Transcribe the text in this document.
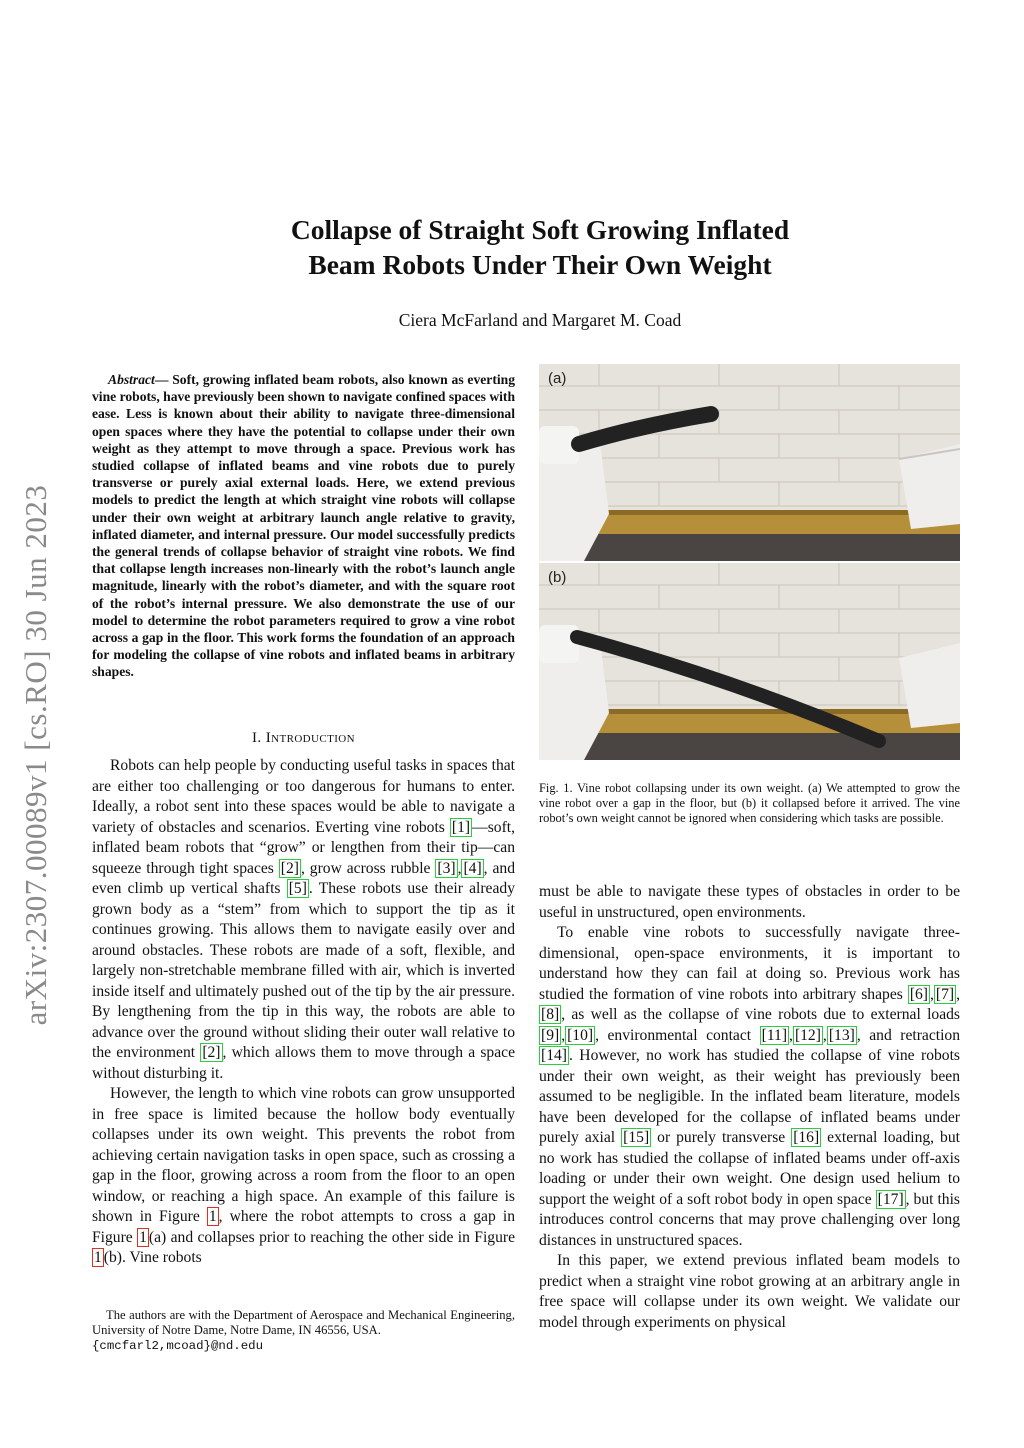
arXiv:2307.00089v1 [cs.RO] 30 Jun 2023
Collapse of Straight Soft Growing Inflated
Beam Robots Under Their Own Weight
Ciera McFarland and Margaret M. Coad
Abstract— Soft, growing inflated beam robots, also known as everting vine robots, have previously been shown to navigate confined spaces with ease. Less is known about their ability to navigate three-dimensional open spaces where they have the potential to collapse under their own weight as they attempt to move through a space. Previous work has studied collapse of inflated beams and vine robots due to purely transverse or purely axial external loads. Here, we extend previous models to predict the length at which straight vine robots will collapse under their own weight at arbitrary launch angle relative to gravity, inflated diameter, and internal pressure. Our model successfully predicts the general trends of collapse behavior of straight vine robots. We find that collapse length increases non-linearly with the robot’s launch angle magnitude, linearly with the robot’s diameter, and with the square root of the robot’s internal pressure. We also demonstrate the use of our model to determine the robot parameters required to grow a vine robot across a gap in the floor. This work forms the foundation of an approach for modeling the collapse of vine robots and inflated beams in arbitrary shapes.
I. Introduction

Robots can help people by conducting useful tasks in spaces that are either too challenging or too dangerous for humans to enter. Ideally, a robot sent into these spaces would be able to navigate a variety of obstacles and scenarios. Everting vine robots [1] —soft, inflated beam robots that “grow” or lengthen from their tip—can squeeze through tight spaces [2] , grow across rubble [3] , [4] , and even climb up vertical shafts [5] . These robots use their already grown body as a “stem” from which to support the tip as it continues growing. This allows them to navigate easily over and around obstacles. These robots are made of a soft, flexible, and largely non-stretchable membrane filled with air, which is inverted inside itself and ultimately pushed out of the tip by the air pressure. By lengthening from the tip in this way, the robots are able to advance over the ground without sliding their outer wall relative to the environment [2] , which allows them to move through a space without disturbing it.

However, the length to which vine robots can grow unsupported in free space is limited because the hollow body eventually collapses under its own weight. This prevents the robot from achieving certain navigation tasks in open space, such as crossing a gap in the floor, growing across a room from the floor to an open window, or reaching a high space. An example of this failure is shown in Figure 1 , where the robot attempts to cross a gap in Figure 1 (a) and collapses prior to reaching the other side in Figure 1 (b). Vine robots

The authors are with the Department of Aerospace and Mechanical Engineering, University of Notre Dame, Notre Dame, IN 46556, USA.
{cmcfarl2,mcoad}@nd.edu
(a)
(b)
Fig. 1. Vine robot collapsing under its own weight. (a) We attempted to grow the vine robot over a gap in the floor, but (b) it collapsed before it arrived. The vine robot’s own weight cannot be ignored when considering which tasks are possible.

must be able to navigate these types of obstacles in order to be useful in unstructured, open environments.

To enable vine robots to successfully navigate three-dimensional, open-space environments, it is important to understand how they can fail at doing so. Previous work has studied the formation of vine robots into arbitrary shapes [6] , [7] ,[8] , as well as the collapse of vine robots due to external loads [9] , [10] , environmental contact [11] , [12] , [13] , and retraction [14] . However, no work has studied the collapse of vine robots under their own weight, as their weight has previously been assumed to be negligible. In the inflated beam literature, models have been developed for the collapse of inflated beams under purely axial [15] or purely transverse [16] external loading, but no work has studied the collapse of inflated beams under off-axis loading or under their own weight. One design used helium to support the weight of a soft robot body in open space [17] , but this introduces control concerns that may prove challenging over long distances in unstructured spaces.

In this paper, we extend previous inflated beam models to predict when a straight vine robot growing at an arbitrary angle in free space will collapse under its own weight. We validate our model through experiments on physical
